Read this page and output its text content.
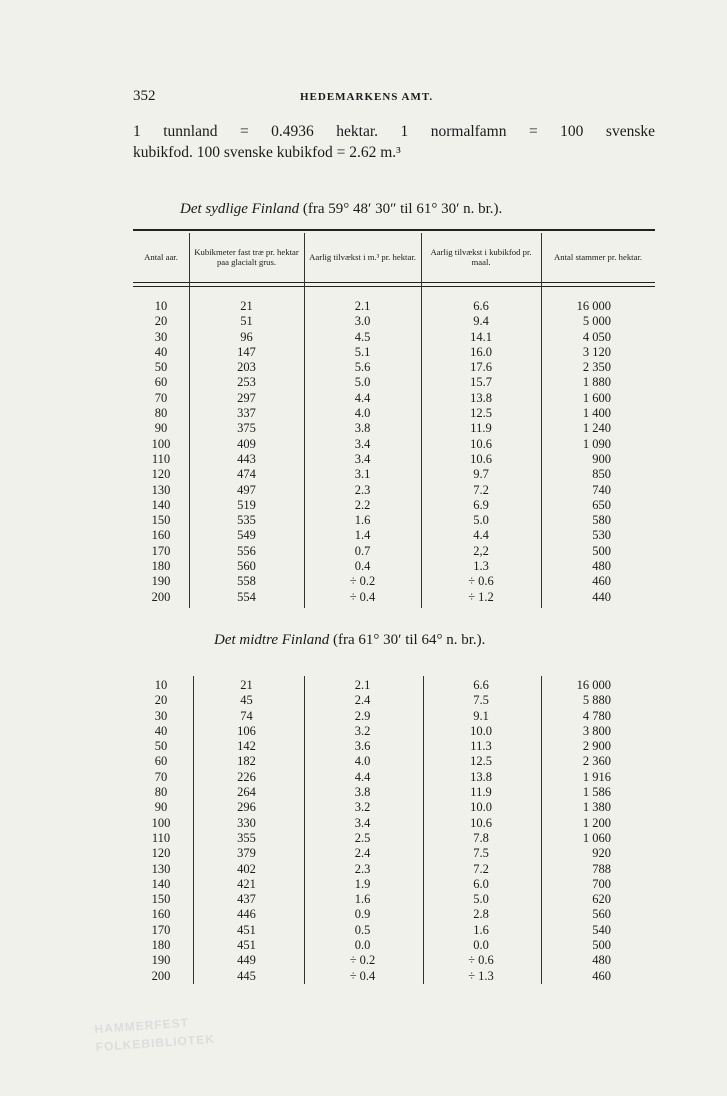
352	HEDEMARKENS AMT.
1 tunnland = 0.4936 hektar. 1 normalfamn = 100 svenske
kubikfod. 100 svenske kubikfod = 2.62 m.³
Det sydlige Finland (fra 59° 48′ 30″ til 61° 30′ n. br.).
Antal aar.	Kubikmeter fast træ pr. hektar paa glacialt grus.	Aarlig tilvækst i m.³ pr. hektar.	Aarlig tilvækst i kubikfod pr. maal.	Antal stammer pr. hektar.
10	21	2.1	6.6	16 000
20	51	3.0	9.4	5 000
30	96	4.5	14.1	4 050
40	147	5.1	16.0	3 120
50	203	5.6	17.6	2 350
60	253	5.0	15.7	1 880
70	297	4.4	13.8	1 600
80	337	4.0	12.5	1 400
90	375	3.8	11.9	1 240
100	409	3.4	10.6	1 090
110	443	3.4	10.6	900
120	474	3.1	9.7	850
130	497	2.3	7.2	740
140	519	2.2	6.9	650
150	535	1.6	5.0	580
160	549	1.4	4.4	530
170	556	0.7	2,2	500
180	560	0.4	1.3	480
190	558	÷ 0.2	÷ 0.6	460
200	554	÷ 0.4	÷ 1.2	440
Det midtre Finland (fra 61° 30′ til 64° n. br.).
10	21	2.1	6.6	16 000
20	45	2.4	7.5	5 880
30	74	2.9	9.1	4 780
40	106	3.2	10.0	3 800
50	142	3.6	11.3	2 900
60	182	4.0	12.5	2 360
70	226	4.4	13.8	1 916
80	264	3.8	11.9	1 586
90	296	3.2	10.0	1 380
100	330	3.4	10.6	1 200
110	355	2.5	7.8	1 060
120	379	2.4	7.5	920
130	402	2.3	7.2	788
140	421	1.9	6.0	700
150	437	1.6	5.0	620
160	446	0.9	2.8	560
170	451	0.5	1.6	540
180	451	0.0	0.0	500
190	449	÷ 0.2	÷ 0.6	480
200	445	÷ 0.4	÷ 1.3	460
HAMMERFEST
FOLKEBIBLIOTEK
